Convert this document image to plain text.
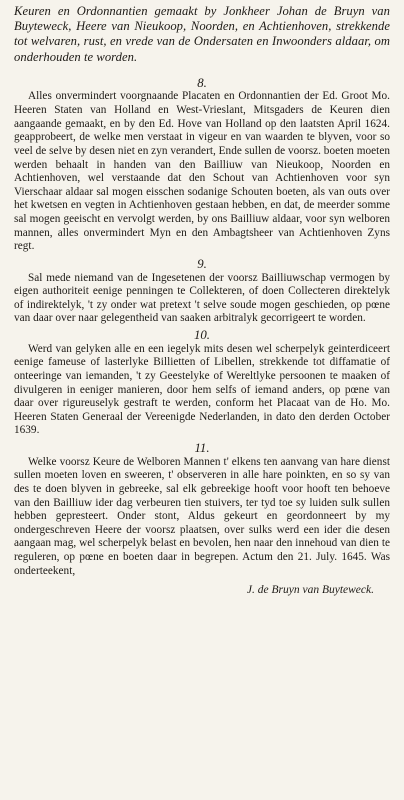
Keuren en Ordonnantien gemaakt by Jonkheer Johan de Bruyn van Buyteweck, Heere van Nieukoop, Noorden, en Achtienhoven, strekkende tot welvaren, rust, en vrede van de Ondersaten en Inwoonders aldaar, om onderhouden te worden.

8.

Alles onvermindert voorgnaande Placaten en Ordonnantien der Ed. Groot Mo. Heeren Staten van Holland en West-Vrieslant, Mitsgaders de Keuren dien aangaande gemaakt, en by den Ed. Hove van Holland op den laatsten April 1624. geapprobeert, de welke men verstaat in vigeur en van waarden te blyven, voor so veel de selve by desen niet en zyn verandert, Ende sullen de voorsz. boeten moeten werden behaalt in handen van den Bailliuw van Nieukoop, Noorden en Achtienhoven, wel verstaande dat den Schout van Achtienhoven voor syn Vierschaar aldaar sal mogen eisschen sodanige Schouten boeten, als van outs over het kwetsen en vegten in Achtienhoven gestaan hebben, en dat, de meerder somme sal mogen geeischt en vervolgt werden, by ons Bailliuw aldaar, voor syn welboren mannen, alles onvermindert Myn en den Ambagtsheer van Achtienhoven Zyns regt.

9.

Sal mede niemand van de Ingesetenen der voorsz Bailliuwschap vermogen by eigen authoriteit eenige penningen te Collekteren, of doen Collecteren direktelyk of indirektelyk, 't zy onder wat pretext 't selve soude mogen geschieden, op pœne van daar over naar gelegentheid van saaken arbitralyk gecorrigeert te worden.

10.

Werd van gelyken alle en een iegelyk mits desen wel scherpelyk geinterdiceert eenige fameuse of lasterlyke Billietten of Libellen, strekkende tot diffamatie of onteeringe van iemanden, 't zy Geestelyke of Wereltlyke persoonen te maaken of divulgeren in eeniger manieren, door hem selfs of iemand anders, op pœne van daar over rigureuselyk gestraft te werden, conform het Placaat van de Ho. Mo. Heeren Staten Generaal der Vereenigde Nederlanden, in dato den derden October 1639.

11.

Welke voorsz Keure de Welboren Mannen t' elkens ten aanvang van hare dienst sullen moeten loven en sweeren, t' observeren in alle hare poinkten, en so sy van des te doen blyven in gebreeke, sal elk gebreekige hooft voor hooft ten behoeve van den Bailliuw ider dag verbeuren tien stuivers, ter tyd toe sy luiden sulk sullen hebben gepresteert. Onder stont, Aldus gekeurt en geordonneert by my ondergeschreven Heere der voorsz plaatsen, over sulks werd een ider die desen aangaan mag, wel scherpelyk belast en bevolen, hen naar den innehoud van dien te reguleren, op pœne en boeten daar in begrepen. Actum den 21. July. 1645. Was onderteekent,

J. de Bruyn van Buyteweck.
